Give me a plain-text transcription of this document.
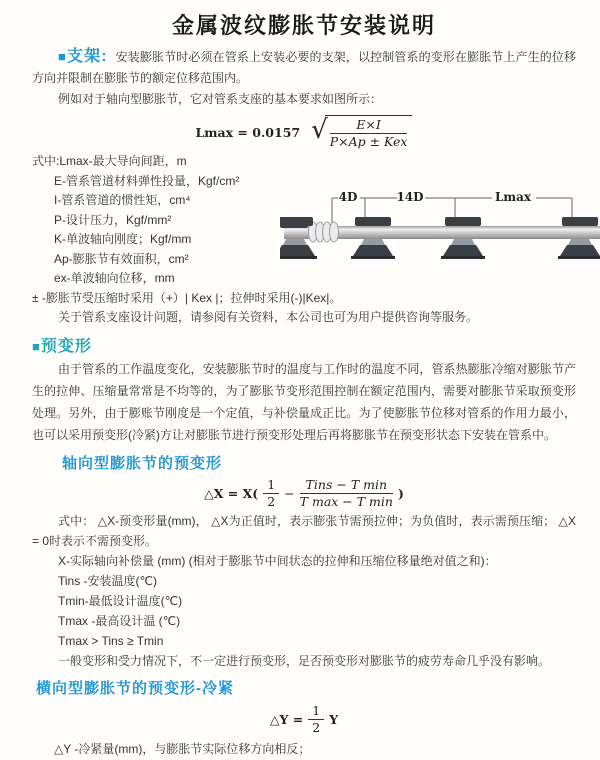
金属波纹膨胀节安装说明

■支架: 安装膨胀节时必须在管系上安装必要的支架，以控制管系的变形在膨胀节上产生的位移方向并限制在膨胀节的额定位移范围内。

例如对于轴向型膨胀节，它对管系支座的基本要求如图所示：

Lmax = 0.0157 √	E×I
P×Ap ± Kex
式中:Lmax-最大导向间距，m
E-管系管道材料弹性投量，Kgf/cm²
I-管系管道的惯性矩，cm⁴
P-设计压力，Kgf/mm²
K-单波轴向刚度；Kgf/mm
Ap-膨胀节有效面积，cm²
ex-单波轴向位移，mm
4D	14D	Lmax
± -膨胀节受压缩时采用（+）| Kex |；拉伸时采用(-)|Kex|。
关于管系支座设计问题，请参阅有关资料，本公司也可为用户提供咨询等服务。
■预变形

由于管系的工作温度变化，安装膨胀节时的温度与工作时的温度不同，管系热膨胀冷缩对膨胀节产生的拉伸、压缩量常常是不均等的，为了膨胀节变形范围控制在额定范围内，需要对膨胀节采取预变形处理。另外，由于膨账节刚度是一个定值，与补偿量成正比。为了使膨胀节位移对管系的作用力最小，也可以采用预变形(冷紧)方让对膨胀节进行预变形处理后再将膨胀节在预变形状态下安装在管系中。

轴向型膨胀节的预变形
△X = $X( \frac{1}{2}$ −
Tins − T min
T max − T min
)

式中： △X-预变形量(mm)， △X为正值时，表示膨张节需预拉伸；为负值时，表示需预压缩； △X = 0时表示不需预变形。

X-实际轴向补偿量 (mm) (相对于膨胀节中间状态的拉伸和压缩位移量绝对值之和)：
Tins -安装温度(℃)
Tmin-最低设计温度(℃)
Tmax -最高设计温 (℃)
Tmax > Tins ≥ Tmin

一般变形和受力情况下，不一定进行预变形，足否预变形对膨胀节的疲劳寿命几乎没有影响。

横向型膨胀节的预变形-冷紧
△Y = $\frac{1}{2}$ Y
△Y -冷紧量(mm)，与膨胀节实际位移方向相反；
